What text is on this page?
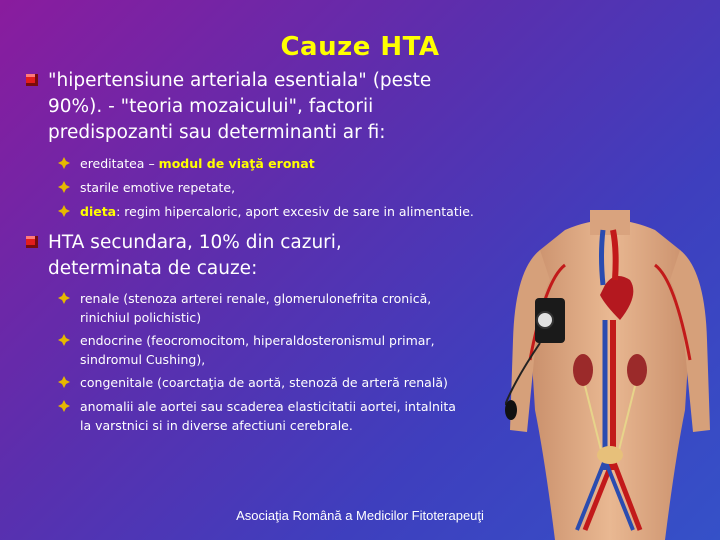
Cauze HTA
"hipertensiune arteriala esentiala" (peste
90%). - "teoria mozaicului", factorii
predispozanti sau determinanti ar fi:
ereditatea – modul de viaţă eronat
starile emotive repetate,
dieta: regim hipercaloric, aport excesiv de sare in alimentatie.
HTA secundara, 10% din cazuri,
determinata de cauze:
renale (stenoza arterei renale, glomerulonefrita cronică,
rinichiul polichistic)
endocrine (feocromocitom, hiperaldosteronismul primar,
sindromul Cushing),
congenitale (coarctaţia de aortă, stenoză de arteră renală)
anomalii ale aortei sau scaderea elasticitatii aortei, intalnita
la varstnici si in diverse afectiuni cerebrale.
Asociaţia Română a Medicilor Fitoterapeuţi
